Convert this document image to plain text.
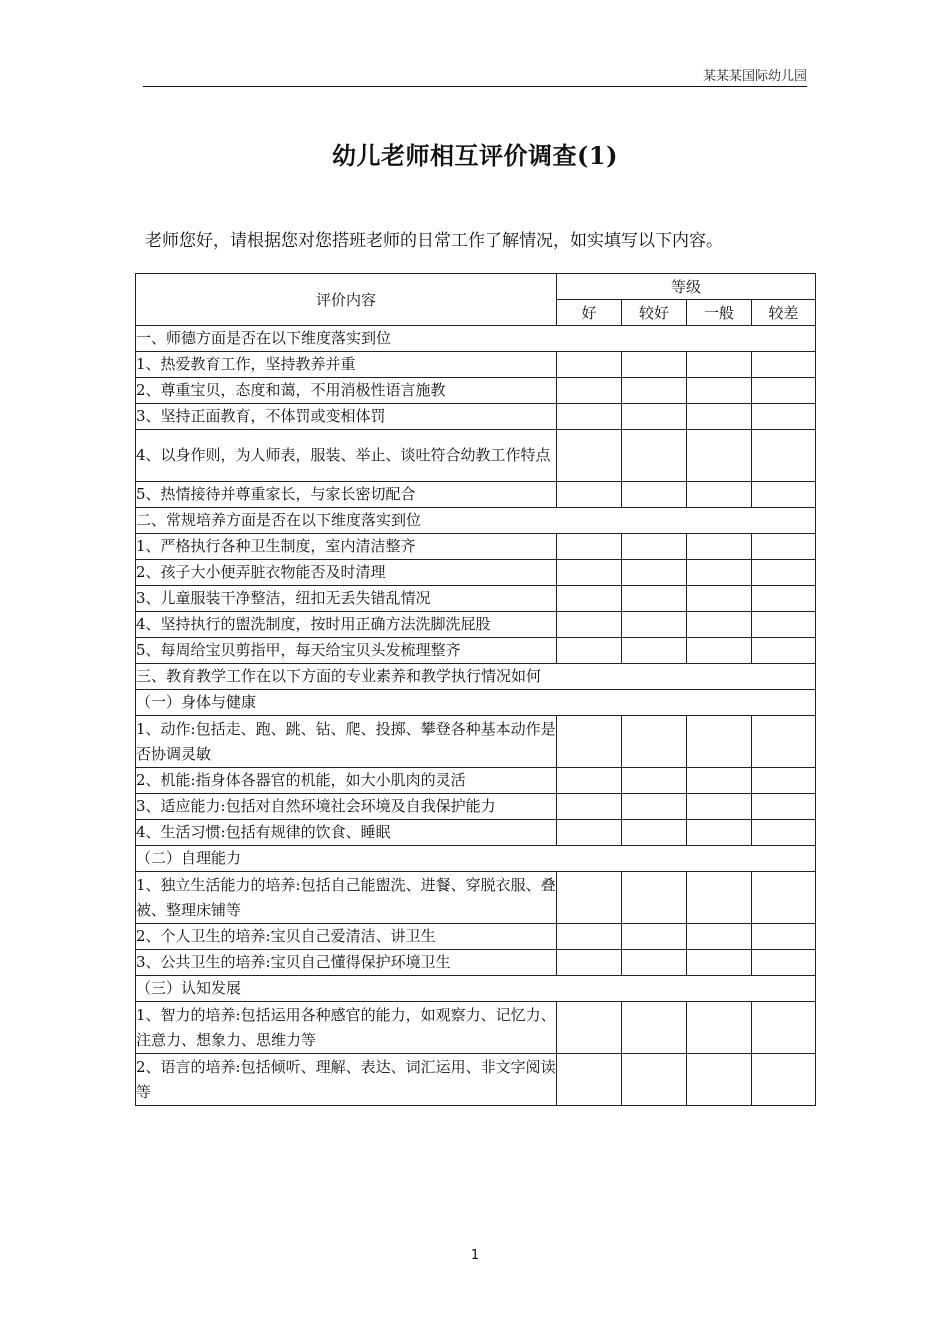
某某某国际幼儿园
幼儿老师相互评价调查(1)
老师您好，请根据您对您搭班老师的日常工作了解情况，如实填写以下内容。
评价内容	等级			
	好	较好	一般	较差
一、师德方面是否在以下维度落实到位				
1、热爱教育工作，坚持教养并重				
2、尊重宝贝，态度和蔼，不用消极性语言施教				
3、坚持正面教育，不体罚或变相体罚				
4、以身作则，为人师表，服装、举止、谈吐符合幼教工作特点				
5、热情接待并尊重家长，与家长密切配合				
二、常规培养方面是否在以下维度落实到位				
1、严格执行各种卫生制度，室内清洁整齐				
2、孩子大小便弄脏衣物能否及时清理				
3、儿童服装干净整洁，纽扣无丢失错乱情况				
4、坚持执行的盥洗制度，按时用正确方法洗脚洗屁股				
5、每周给宝贝剪指甲，每天给宝贝头发梳理整齐				
三、教育教学工作在以下方面的专业素养和教学执行情况如何				
（一）身体与健康				
1、动作:包括走、跑、跳、钻、爬、投掷、攀登各种基本动作是否协调灵敏				
2、机能:指身体各器官的机能，如大小肌肉的灵活				
3、适应能力:包括对自然环境社会环境及自我保护能力				
4、生活习惯:包括有规律的饮食、睡眠				
（二）自理能力				
1、独立生活能力的培养:包括自己能盥洗、进餐、穿脱衣服、叠被、整理床铺等				
2、个人卫生的培养:宝贝自己爱清洁、讲卫生				
3、公共卫生的培养:宝贝自己懂得保护环境卫生				
（三）认知发展				
1、智力的培养:包括运用各种感官的能力，如观察力、记忆力、注意力、想象力、思维力等				
2、语言的培养:包括倾听、理解、表达、词汇运用、非文字阅读等				
1
